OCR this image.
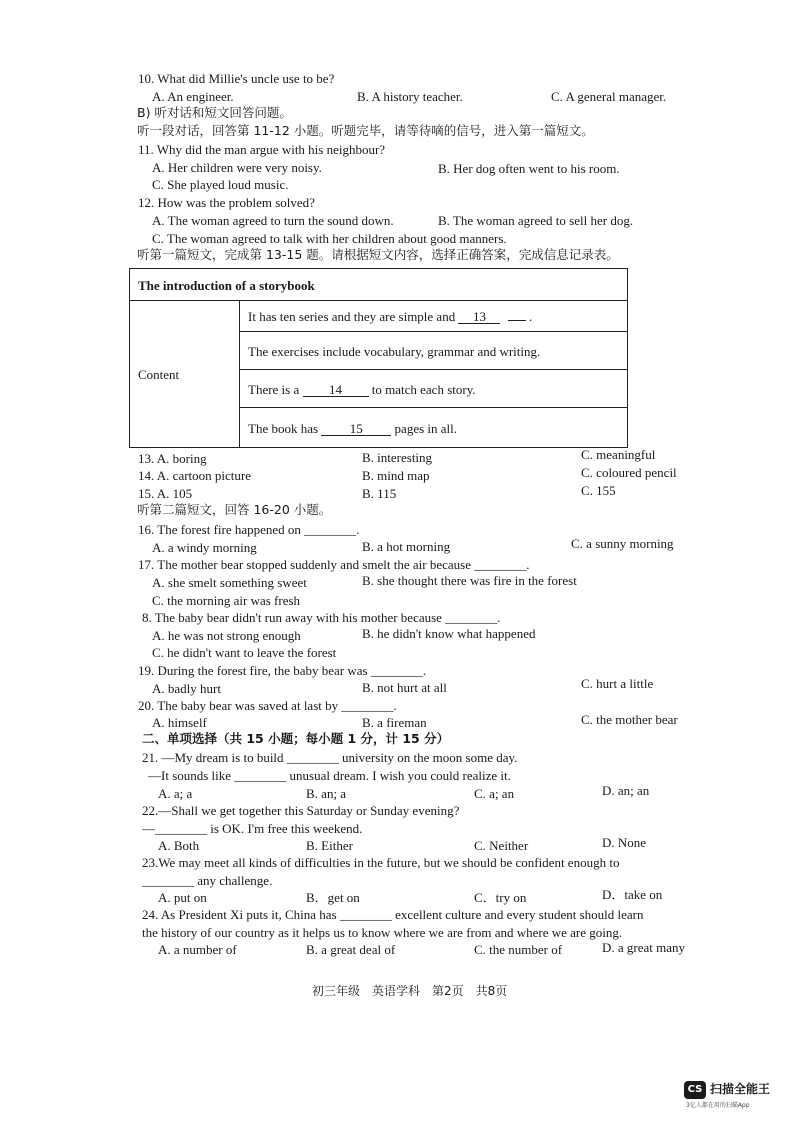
10. What did Millie's uncle use to be?
A. An engineer.	B. A history teacher.	C. A general manager.
B) 听对话和短文回答问题。
听一段对话，回答第 11-12 小题。听题完毕，请等待嘀的信号，进入第一篇短文。
11. Why did the man argue with his neighbour?
A. Her children were very noisy.	B. Her dog often went to his room.
C. She played loud music.
12. How was the problem solved?
A. The woman agreed to turn the sound down.	B. The woman agreed to sell her dog.
C. The woman agreed to talk with her children about good manners.
听第一篇短文，完成第 13-15 题。请根据短文内容，选择正确答案，完成信息记录表。
The introduction of a storybook
Content
It has ten series and they are simple and 13	.
The exercises include vocabulary, grammar and writing.
There is a 14 to match each story.
The book has 15 pages in all.
13. A. boring	B. interesting	C. meaningful
14. A. cartoon picture	B. mind map	C. coloured pencil
15. A. 105	B. 115	C. 155
听第二篇短文，回答 16-20 小题。
16. The forest fire happened on ________.
A. a windy morning	B. a hot morning	C. a sunny morning
17. The mother bear stopped suddenly and smelt the air because ________.
A. she smelt something sweet	B. she thought there was fire in the forest
C. the morning air was fresh
8. The baby bear didn't run away with his mother because ________.
A. he was not strong enough	B. he didn't know what happened
C. he didn't want to leave the forest
19. During the forest fire, the baby bear was ________.
A. badly hurt	B. not hurt at all	C. hurt a little
20. The baby bear was saved at last by ________.
A. himself	B. a fireman	C. the mother bear
二、单项选择（共 15 小题；每小题 1 分，计 15 分）
21. —My dream is to build ________ university on the moon some day.
—It sounds like ________ unusual dream. I wish you could realize it.
A. a; a	B. an; a	C. a; an	D. an; an
22.—Shall we get together this Saturday or Sunday evening?
—________ is OK. I'm free this weekend.
A. Both	B. Either	C. Neither	D. None
23.We may meet all kinds of difficulties in the future, but we should be confident enough to
________ any challenge.
A. put on	B．get on	C．try on	D．take on
24. As President Xi puts it, China has ________ excellent culture and every student should learn
the history of our country as it helps us to know where we are from and where we are going.
A. a number of	B. a great deal of	C. the number of	D. a great many
初三年级　英语学科　第2页　共8页
CS 扫描全能王
3亿人都在用的扫描App
